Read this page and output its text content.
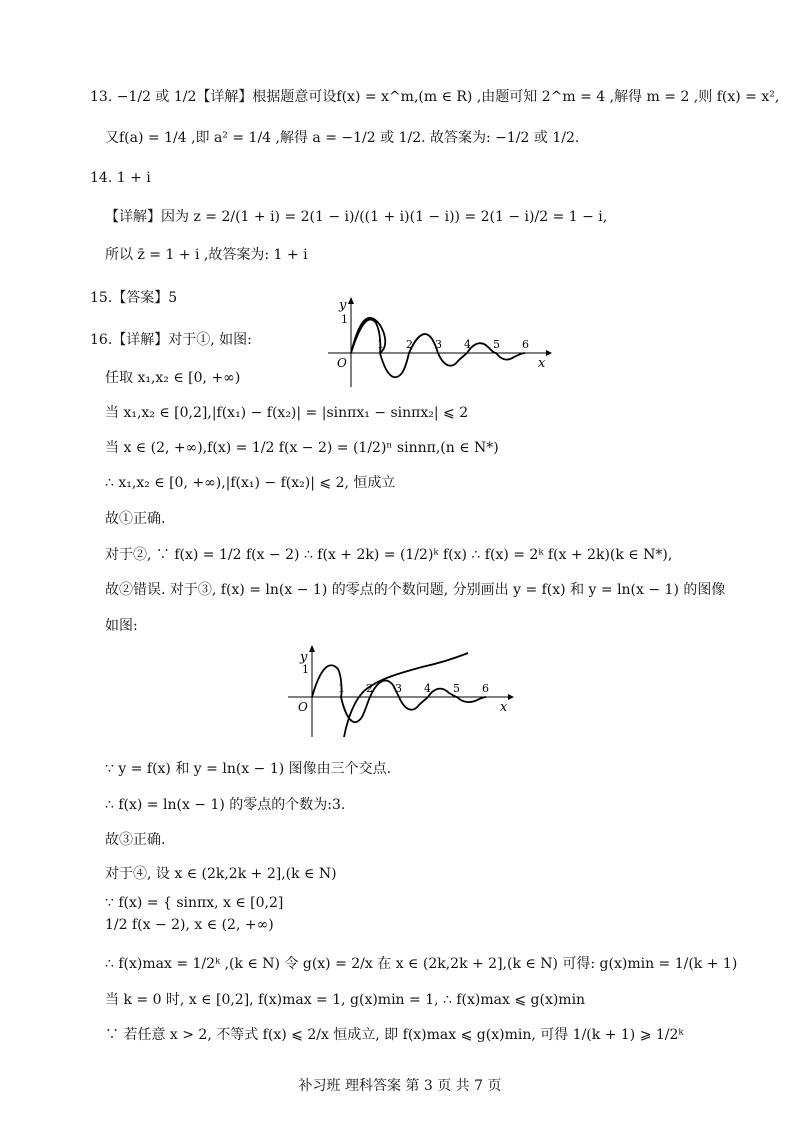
13. −1/2 或 1/2【详解】根据题意可设f(x) = x^m,(m ∈ R) ,由题可知 2^m = 4 ,解得 m = 2 ,则 f(x) = x²,
又f(a) = 1/4 ,即 a² = 1/4 ,解得 a = −1/2 或 1/2. 故答案为: −1/2 或 1/2.
14. 1 + i
【详解】因为 z = 2/(1 + i) = 2(1 − i)/((1 + i)(1 − i)) = 2(1 − i)/2 = 1 − i,
所以 z̄ = 1 + i ,故答案为: 1 + i
15.【答案】5
16.【详解】对于①, 如图:
任取 x₁,x₂ ∈ [0, +∞)
当 x₁,x₂ ∈ [0,2],|f(x₁) − f(x₂)| = |sinπx₁ − sinπx₂| ⩽ 2
当 x ∈ (2, +∞),f(x) = 1/2 f(x − 2) = (1/2)ⁿ sinnπ,(n ∈ N*)
∴ x₁,x₂ ∈ [0, +∞),|f(x₁) − f(x₂)| ⩽ 2, 恒成立
故①正确.
对于②, ∵ f(x) = 1/2 f(x − 2) ∴ f(x + 2k) = (1/2)ᵏ f(x) ∴ f(x) = 2ᵏ f(x + 2k)(k ∈ N*),
故②错误. 对于③, f(x) = ln(x − 1) 的零点的个数问题, 分别画出 y = f(x) 和 y = ln(x − 1) 的图像
如图:
∵ y = f(x) 和 y = ln(x − 1) 图像由三个交点.
∴ f(x) = ln(x − 1) 的零点的个数为:3.
故③正确.
对于④, 设 x ∈ (2k,2k + 2],(k ∈ N)
∵ f(x) = { sinπx, x ∈ [0,2]
1/2 f(x − 2), x ∈ (2, +∞)
∴ f(x)max = 1/2ᵏ ,(k ∈ N) 令 g(x) = 2/x 在 x ∈ (2k,2k + 2],(k ∈ N) 可得: g(x)min = 1/(k + 1)
当 k = 0 时, x ∈ [0,2], f(x)max = 1, g(x)min = 1, ∴ f(x)max ⩽ g(x)min
∵ 若任意 x > 2, 不等式 f(x) ⩽ 2/x 恒成立, 即 f(x)max ⩽ g(x)min, 可得 1/(k + 1) ⩾ 1/2ᵏ
y
1
O	x
1 2 3 4 5 6
y
1
O	x
1 2 3 4 5 6
补习班 理科答案 第 3 页 共 7 页
